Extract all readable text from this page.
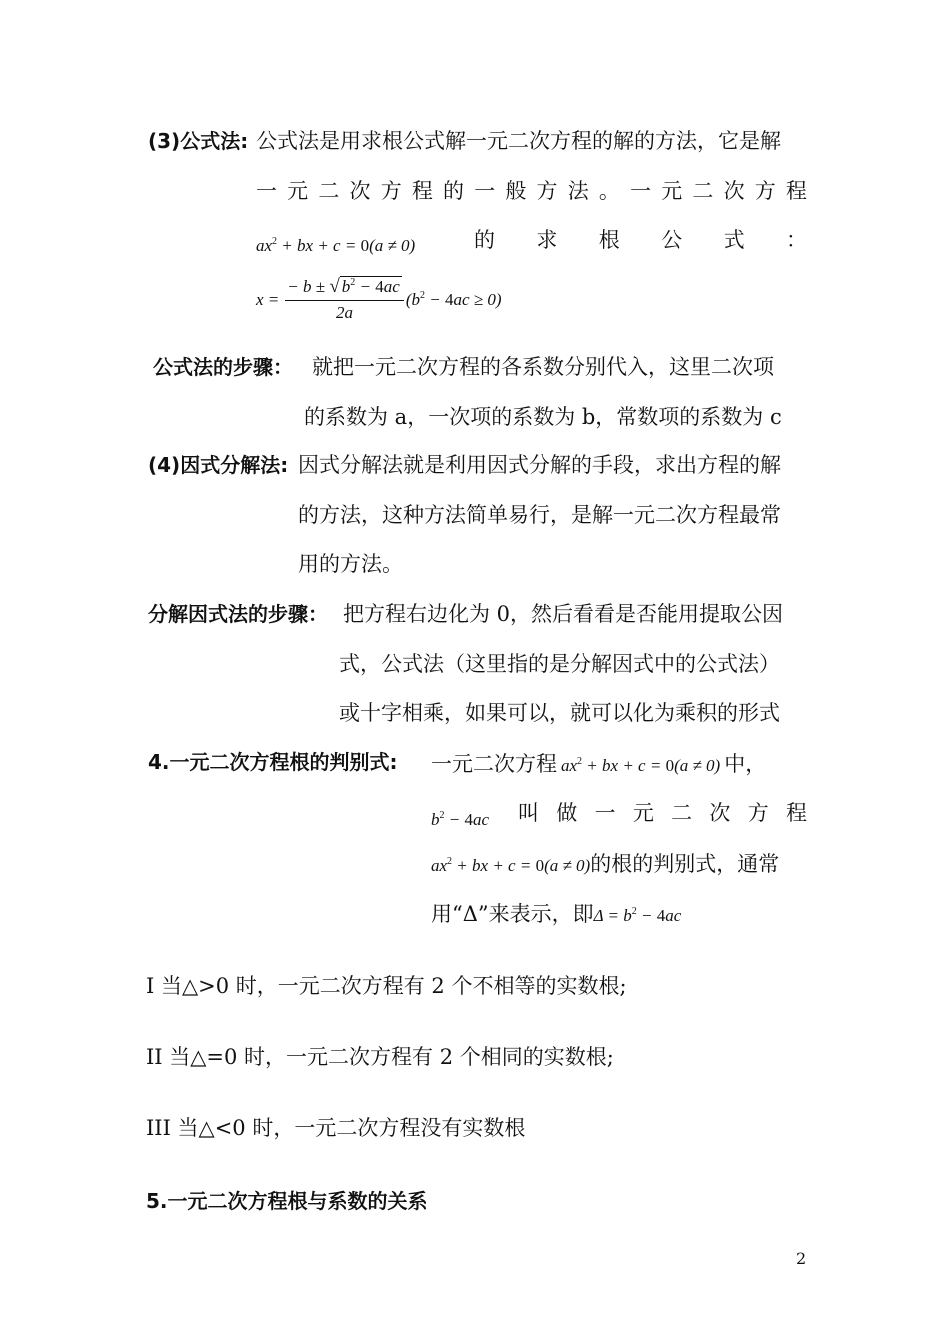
(3)公式法: 公式法是用求根公式解一元二次方程的解的方法，它是解
一 元 二 次 方 程 的 一 般 方 法 。 一 元 二 次 方 程
$ax^2$ + bx + c = 0(a ≠ 0)	的 求 根 公 式 ：
$x = \frac{- b \pm √ b^2 - 4ac}{2a} (b^2 - 4ac \ge 0)$
公式法的步骤： 就把一元二次方程的各系数分别代入，这里二次项
的系数为 a，一次项的系数为 b，常数项的系数为 c
(4)因式分解法: 因式分解法就是利用因式分解的手段，求出方程的解
的方法，这种方法简单易行，是解一元二次方程最常
用的方法。
分解因式法的步骤： 把方程右边化为 0，然后看看是否能用提取公因
式，公式法（这里指的是分解因式中的公式法）
或十字相乘，如果可以，就可以化为乘积的形式
4.一元二次方程根的判别式: 一元二次方程 $ax^2$ + bx + c = 0(a ≠ 0) 中，
$b^2 - 4ac$ 叫 做 一 元 二 次 方 程
$ax^2$ + bx + c = 0(a ≠ 0) 的根的判别式，通常
用“Δ”来表示，即 $\Delta = b^2 - 4ac$
I 当△>0 时，一元二次方程有 2 个不相等的实数根;
II 当△=0 时，一元二次方程有 2 个相同的实数根;
III 当△<0 时，一元二次方程没有实数根
5.一元二次方程根与系数的关系
2
